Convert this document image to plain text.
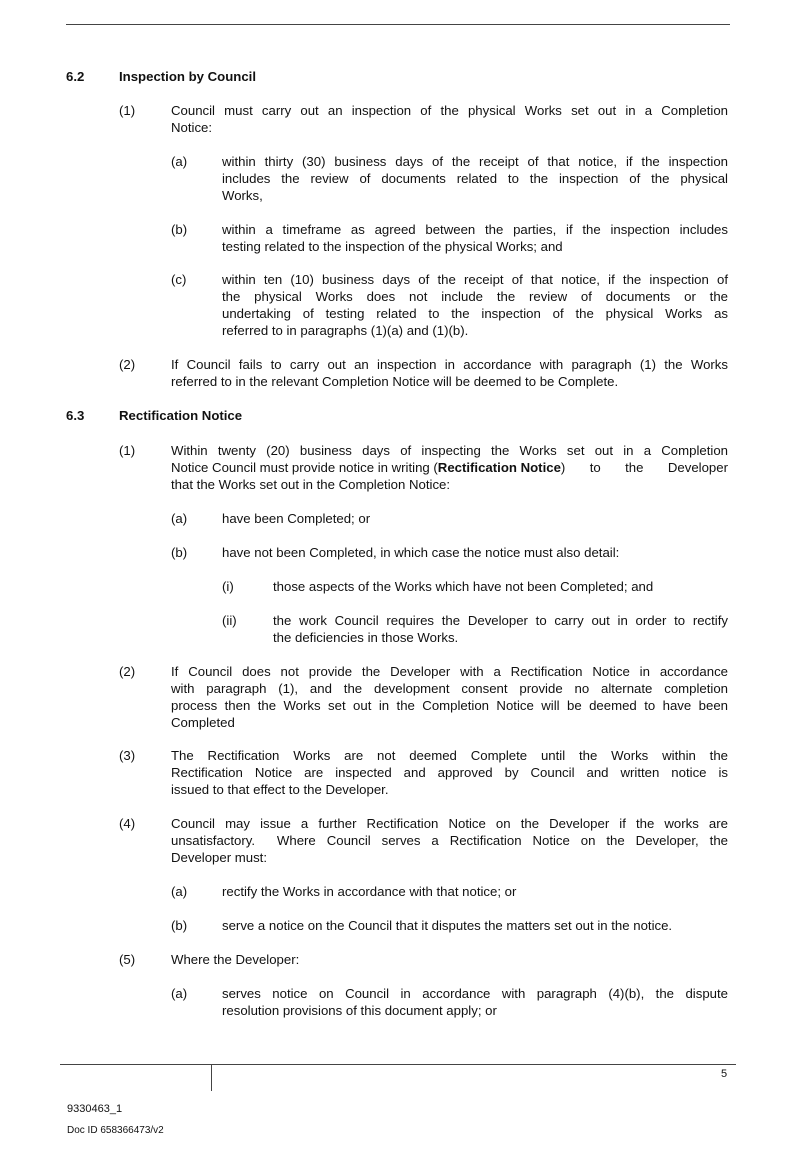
6.2	Inspection by Council
(1)	Council must carry out an inspection of the physical Works set out in a Completion
Notice:
(a)	within thirty (30) business days of the receipt of that notice, if the inspection
includes the review of documents related to the inspection of the physical
Works,
(b)	within a timeframe as agreed between the parties, if the inspection includes
testing related to the inspection of the physical Works; and
(c)	within ten (10) business days of the receipt of that notice, if the inspection of
the physical Works does not include the review of documents or the
undertaking of testing related to the inspection of the physical Works as
referred to in paragraphs (1)(a) and (1)(b).
(2)	If Council fails to carry out an inspection in accordance with paragraph (1) the Works
referred to in the relevant Completion Notice will be deemed to be Complete.
6.3	Rectification Notice
(1)	Within twenty (20) business days of inspecting the Works set out in a Completion
Notice Council must provide notice in writing ( Rectification Notice ) to the Developer
that the Works set out in the Completion Notice:
(a)	have been Completed; or
(b)	have not been Completed, in which case the notice must also detail:
(i)	those aspects of the Works which have not been Completed; and
(ii)	the work Council requires the Developer to carry out in order to rectify
the deficiencies in those Works.
(2)	If Council does not provide the Developer with a Rectification Notice in accordance
with paragraph (1), and the development consent provide no alternate completion
process then the Works set out in the Completion Notice will be deemed to have been
Completed
(3)	The Rectification Works are not deemed Complete until the Works within the
Rectification Notice are inspected and approved by Council and written notice is
issued to that effect to the Developer.
(4)	Council may issue a further Rectification Notice on the Developer if the works are
unsatisfactory.  Where Council serves a Rectification Notice on the Developer, the
Developer must:
(a)	rectify the Works in accordance with that notice; or
(b)	serve a notice on the Council that it disputes the matters set out in the notice.
(5)	Where the Developer:
(a)	serves notice on Council in accordance with paragraph (4)(b), the dispute
resolution provisions of this document apply; or
5
9330463_1
Doc ID 658366473/v2
